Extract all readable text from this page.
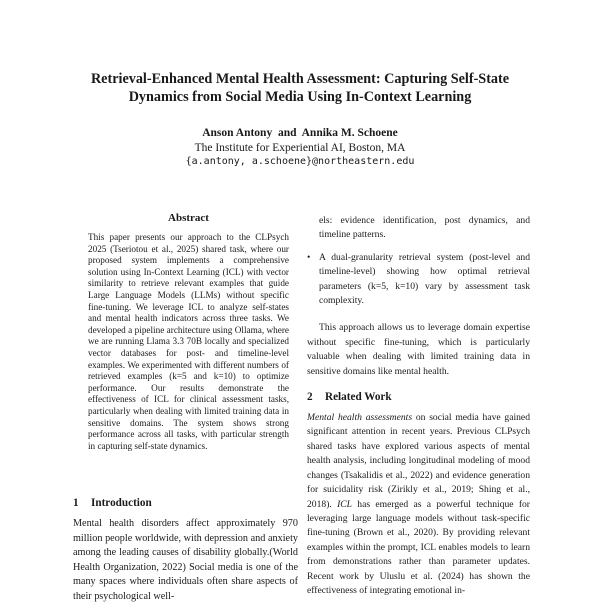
Retrieval-Enhanced Mental Health Assessment: Capturing Self-State Dynamics from Social Media Using In-Context Learning
Anson Antony  and  Annika M. Schoene
The Institute for Experiential AI, Boston, MA
{a.antony, a.schoene}@northeastern.edu
Abstract

This paper presents our approach to the CLPsych 2025 (Tseriotou et al., 2025) shared task, where our proposed system implements a comprehensive solution using In-Context Learning (ICL) with vector similarity to retrieve relevant examples that guide Large Language Models (LLMs) without specific fine-tuning. We leverage ICL to analyze self-states and mental health indicators across three tasks. We developed a pipeline architecture using Ollama, where we are running Llama 3.3 70B locally and specialized vector databases for post- and timeline-level examples. We experimented with different numbers of retrieved examples (k=5 and k=10) to optimize performance. Our results demonstrate the effectiveness of ICL for clinical assessment tasks, particularly when dealing with limited training data in sensitive domains. The system shows strong performance across all tasks, with particular strength in capturing self-state dynamics.

1 Introduction

Mental health disorders affect approximately 970 million people worldwide, with depression and anxiety among the leading causes of disability globally.(World Health Organization, 2022) Social media is one of the many spaces where individuals often share aspects of their psychological well-

els: evidence identification, post dynamics, and timeline patterns.
• A dual-granularity retrieval system (post-level and timeline-level) showing how optimal retrieval parameters (k=5, k=10) vary by assessment task complexity.

This approach allows us to leverage domain expertise without specific fine-tuning, which is particularly valuable when dealing with limited training data in sensitive domains like mental health.

2 Related Work

Mental health assessments on social media have gained significant attention in recent years. Previous CLPsych shared tasks have explored various aspects of mental health analysis, including longitudinal modeling of mood changes (Tsakalidis et al., 2022) and evidence generation for suicidality risk (Zirikly et al., 2019; Shing et al., 2018). ICL has emerged as a powerful technique for leveraging large language models without task-specific fine-tuning (Brown et al., 2020). By providing relevant examples within the prompt, ICL enables models to learn from demonstrations rather than parameter updates. Recent work by Uluslu et al. (2024) has shown the effectiveness of integrating emotional in-
